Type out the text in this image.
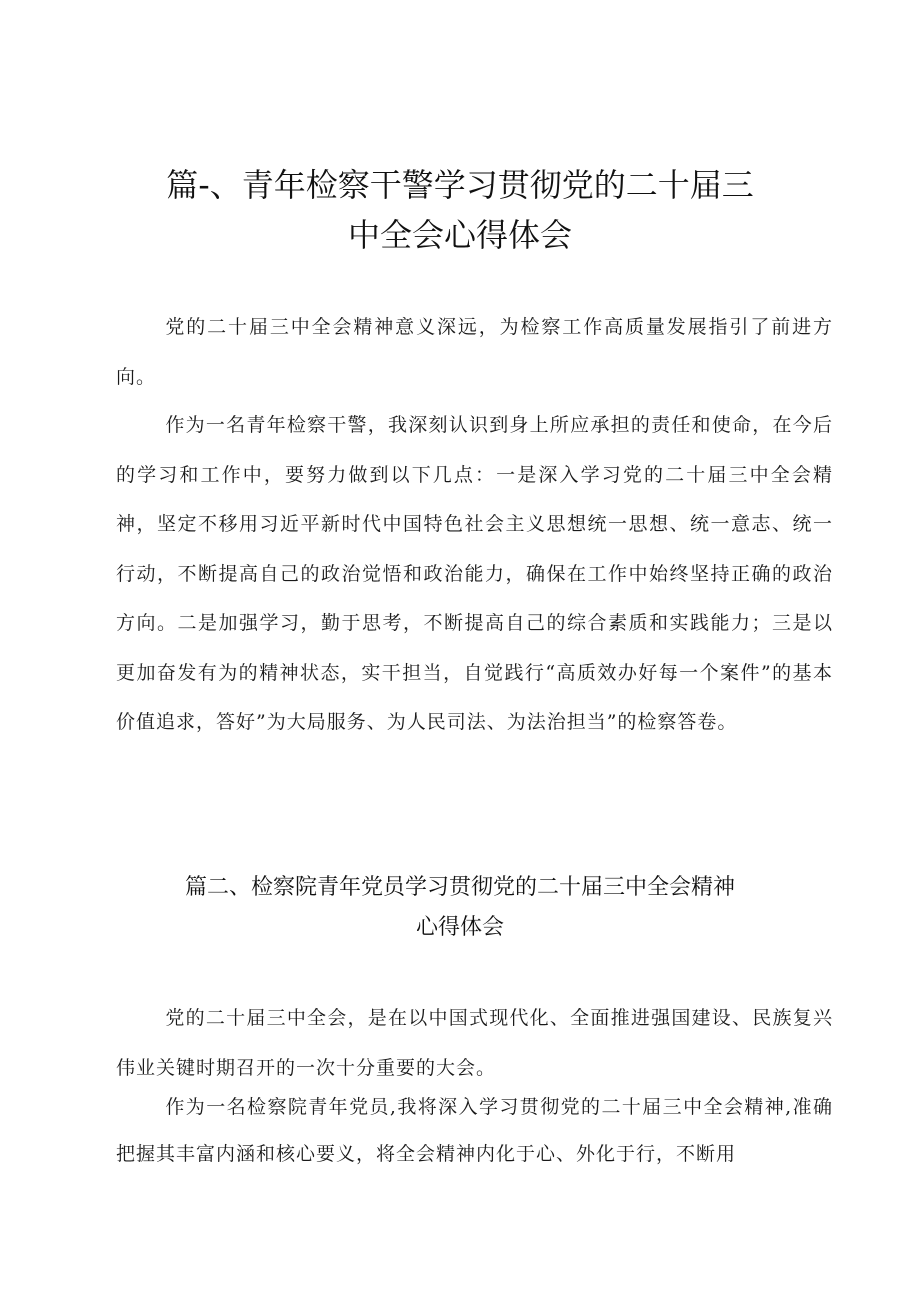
篇-、青年检察干警学习贯彻党的二十届三
中全会心得体会

党的二十届三中全会精神意义深远，为检察工作高质量发展指引了前进方向。

作为一名青年检察干警，我深刻认识到身上所应承担的责任和使命，在今后的学习和工作中，要努力做到以下几点：一是深入学习党的二十届三中全会精神，坚定不移用习近平新时代中国特色社会主义思想统一思想、统一意志、统一行动，不断提高自己的政治觉悟和政治能力，确保在工作中始终坚持正确的政治方向。二是加强学习，勤于思考，不断提高自己的综合素质和实践能力；三是以更加奋发有为的精神状态，实干担当，自觉践行“高质效办好每一个案件”的基本价值追求，答好”为大局服务、为人民司法、为法治担当”的检察答卷。

篇二、检察院青年党员学习贯彻党的二十届三中全会精神
心得体会

党的二十届三中全会，是在以中国式现代化、全面推进强国建设、民族复兴伟业关键时期召开的一次十分重要的大会。

作为一名检察院青年党员,我将深入学习贯彻党的二十届三中全会精神,准确把握其丰富内涵和核心要义，将全会精神内化于心、外化于行，不断用
